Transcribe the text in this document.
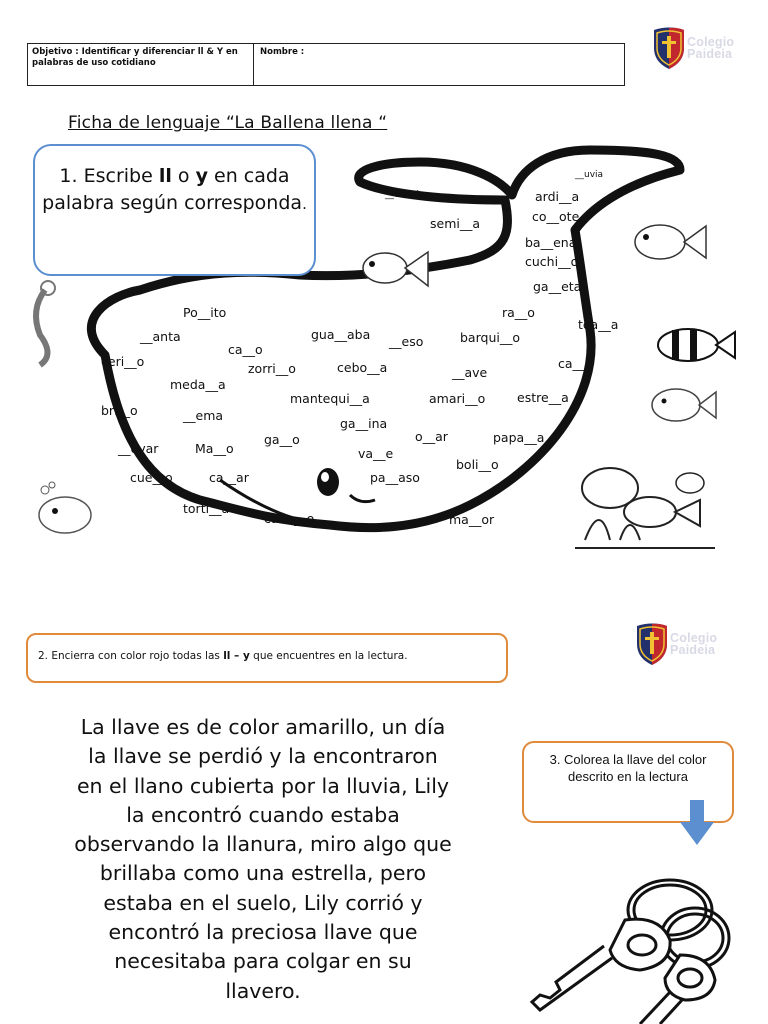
Objetivo : Identificar y diferenciar ll & Y en palabras de uso cotidiano
Nombre :
Colegio
Paideia
Ficha de lenguaje “La Ballena llena “
1. Escribe ll o y en cada palabra según corresponda.
__uvia
__olanda	ardi__a
co__ote
semi__a
ba__ena
cuchi__o
ga__eta
Po__ito	ra__o
__anta	gua__aba __eso	barqui__o
toa__a
ca__o
ceri__o	zorri__o	cebo__a	__ave
ca__e
meda__a
mantequi__a	amari__o	estre__a
bri__o	__ema
ga__ina
o__ar	papa__a
ga__o
__evar	Ma__o	va__e
boli__o
cue__o	ca__ar	pa__aso
torti__a
caba__o	ma__or
Colegio
Paideia
2. Encierra con color rojo todas las ll – y que encuentres en la lectura.
La llave es de color amarillo, un día
la llave se perdió y la encontraron
en el llano cubierta por la lluvia, Lily
la encontró cuando estaba
observando la llanura, miro algo que
brillaba como una estrella, pero
estaba en el suelo, Lily corrió y
encontró la preciosa llave que
necesitaba para colgar en su
llavero.
3. Colorea la llave del color descrito en la lectura
